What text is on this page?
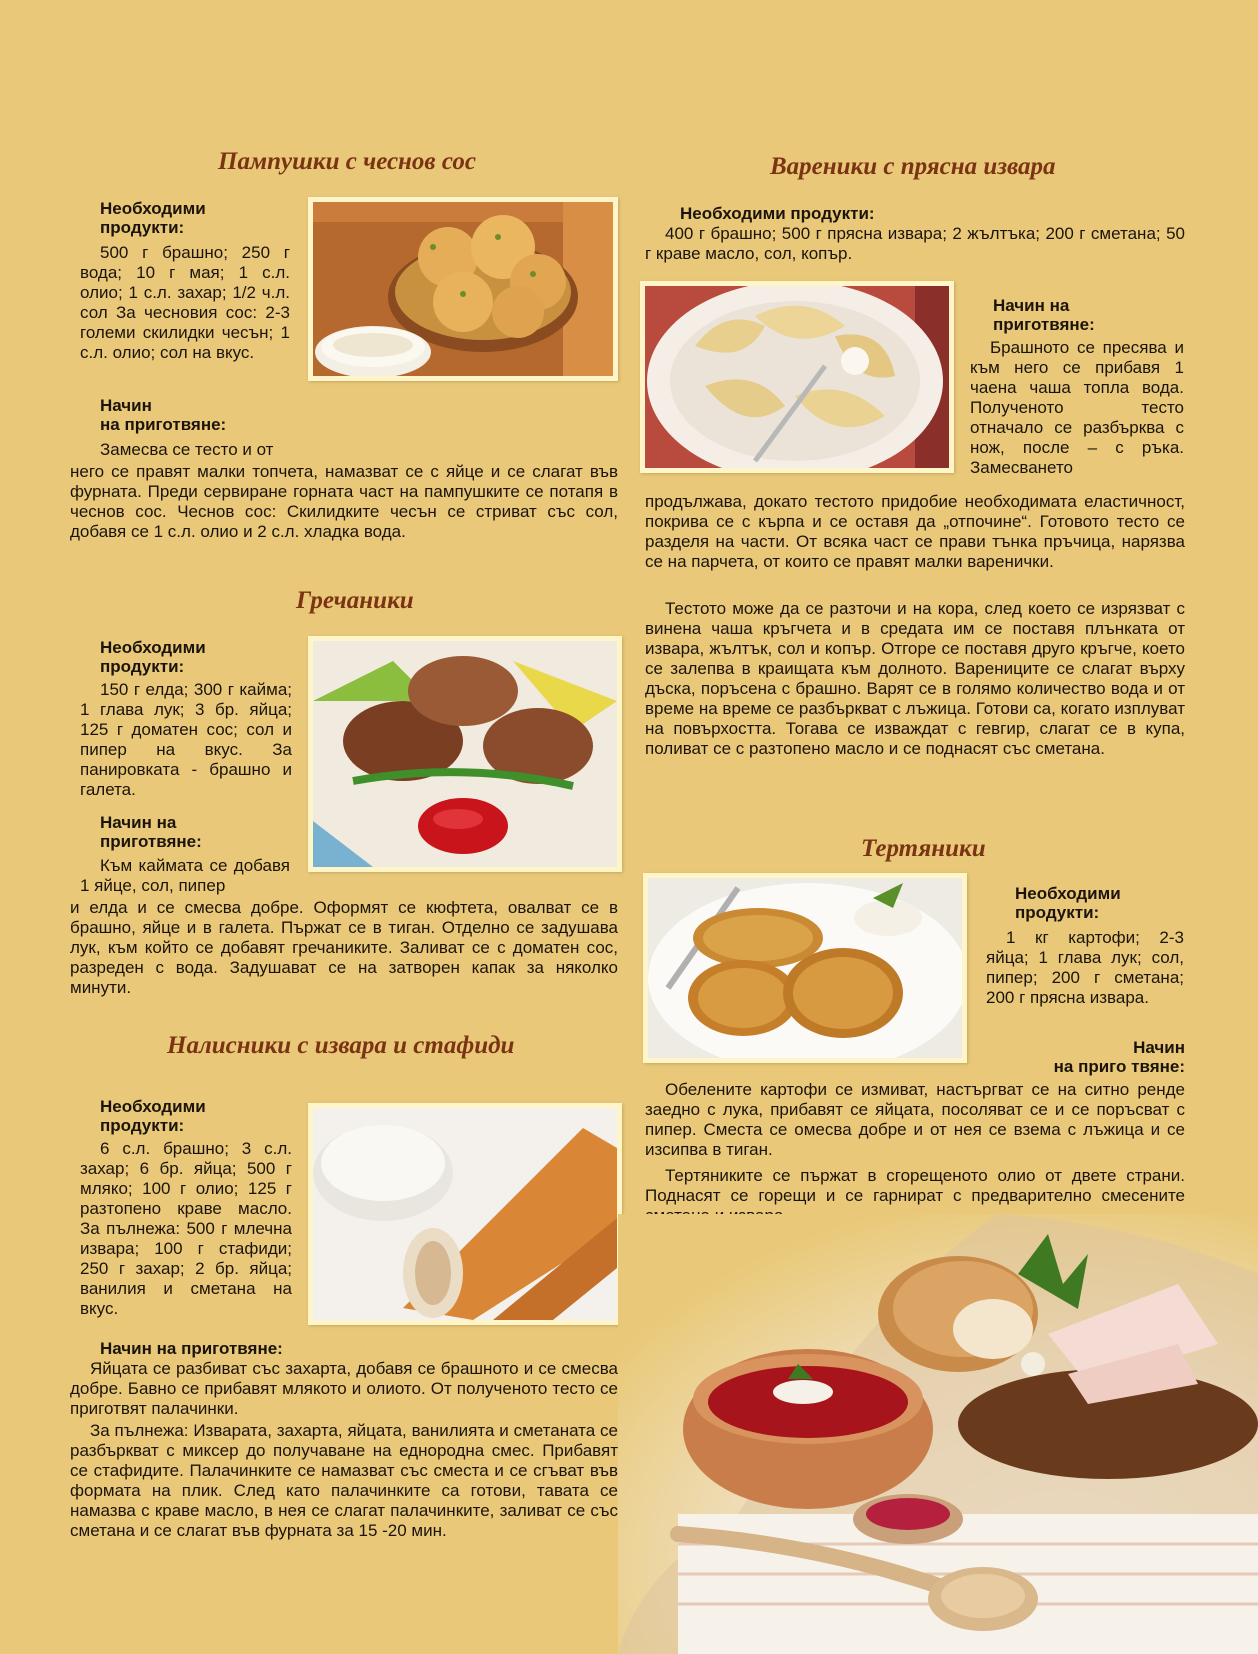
Пампушки с чеснов сос

Необходими продукти:

500 г брашно; 250 г вода; 10 г мая; 1 с.л. олио; 1 с.л. захар; 1/2 ч.л. сол За чесновия сос: 2-3 големи скилидки чесън; 1 с.л. олио; сол на вкус.

Начин
на приготвяне:

Замесва се тесто и от

него се правят малки топчета, намазват се с яйце и се слагат във фурната. Преди сервиране горната част на пампушките се потапя в чеснов сос. Чеснов сос: Скилидките чесън се стриват със сол, добавя се 1 с.л. олио и 2 с.л. хладка вода.

Гречаники

Необходими продукти:

150 г елда; 300 г кайма; 1 глава лук; 3 бр. яйца; 125 г доматен сос; сол и пипер на вкус. За панировката - брашно и галета.

Начин на приготвяне:

Към каймата се добавя 1 яйце, сол, пипер

и елда и се смесва добре. Оформят се кюфтета, овалват се в брашно, яйце и в галета. Пържат се в тиган. Отделно се задушава лук, към който се добавят гречаниките. Заливат се с доматен сос, разреден с вода. Задушават се на затворен капак за няколко минути.

Налисники с извара и стафиди

Необходими продукти:

6 с.л. брашно; 3 с.л. захар; 6 бр. яйца; 500 г мляко; 100 г олио; 125 г разтопено краве масло. За пълнежа: 500 г млечна извара; 100 г стафиди; 250 г захар; 2 бр. яйца; ванилия и сметана на вкус.

Начин на приготвяне:

Яйцата се разбиват със захарта, добавя се брашното и се смесва добре. Бавно се прибавят млякото и олиото. От полученото тесто се приготвят палачинки.

За пълнежа: Изварата, захарта, яйцата, ванилията и сметаната се разбъркват с миксер до получаване на еднородна смес. Прибавят се стафидите. Палачинките се намазват със сместа и се сгъват във формата на плик. След като палачинките са готови, тавата се намазва с краве масло, в нея се слагат палачинките, заливат се със сметана и се слагат във фурната за 15 -20 мин.

Вареники с прясна извара

Необходими продукти:

400 г брашно; 500 г прясна извара; 2 жълтъка; 200 г сметана; 50 г краве масло, сол, копър.

Начин на приготвяне:

Брашното се пресява и към него се прибавя 1 чаена чаша топла вода. Полученото тесто отначало се разбърква с нож, после – с ръка. Замесването

продължава, докато тестото придобие необходимата еластичност, покрива се с кърпа и се оставя да „отпочине“. Готовото тесто се разделя на части. От всяка част се прави тънка пръчица, нарязва се на парчета, от които се правят малки варенички.

Тестото може да се разточи и на кора, след което се изрязват с винена чаша кръгчета и в средата им се поставя плънката от извара, жълтък, сол и копър. Отгоре се поставя друго кръгче, което се залепва в краищата към долното. Варениците се слагат върху дъска, поръсена с брашно. Варят се в голямо количество вода и от време на време се разбъркват с лъжица. Готови са, когато изплуват на повърхостта. Тогава се изваждат с гевгир, слагат се в купа, поливат се с разтопено масло и се поднасят със сметана.

Тертяники

Необходими продукти:

1 кг картофи; 2-3 яйца; 1 глава лук; сол, пипер; 200 г сметана; 200 г прясна извара.

Начин
на приго твяне:

Обелените картофи се измиват, настъргват се на ситно ренде заедно с лука, прибавят се яйцата, посоляват се и се поръсват с пипер. Сместа се омесва добре и от нея се взема с лъжица и се изсипва в тиган.

Тертяниките се пържат в сгорещеното олио от двете страни. Поднасят се горещи и се гарнират с предварително смесените
